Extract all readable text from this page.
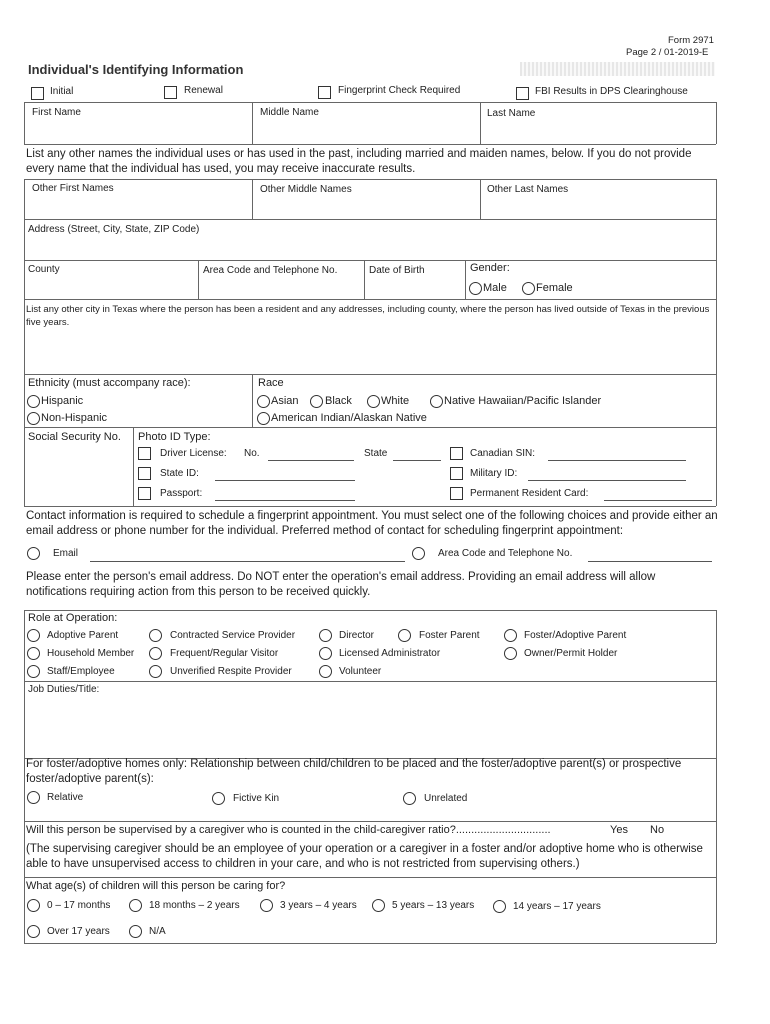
Form 2971
Page 2 / 01-2019-E
Individual's Identifying Information
Initial	Renewal	Fingerprint Check Required	FBI Results in DPS Clearinghouse
First Name	Middle Name	Last Name
List any other names the individual uses or has used in the past, including married and maiden names, below. If you do not provide every name that the individual has used, you may receive inaccurate results.
Other First Names	Other Middle Names	Other Last Names
Address (Street, City, State, ZIP Code)
County	Area Code and Telephone No.	Date of Birth	Gender:
Male	Female
List any other city in Texas where the person has been a resident and any addresses, including county, where the person has lived outside of Texas in the previous five years.
Ethnicity (must accompany race):
Hispanic
Non-Hispanic
Race
Asian Black	White	Native Hawaiian/Pacific Islander
American Indian/Alaskan Native
Social Security No. Photo ID Type:
Driver License: No.	State
State ID:
Passport:
Canadian SIN:
Military ID:
Permanent Resident Card:
Contact information is required to schedule a fingerprint appointment. You must select one of the following choices and provide either an email address or phone number for the individual. Preferred method of contact for scheduling fingerprint appointment:
Email	Area Code and Telephone No.
Please enter the person's email address. Do NOT enter the operation's email address. Providing an email address will allow notifications requiring action from this person to be received quickly.
Role at Operation:
Adoptive Parent	Contracted Service Provider	Director	Foster Parent	Foster/Adoptive Parent
Household Member	Frequent/Regular Visitor	Licensed Administrator	Owner/Permit Holder
Staff/Employee	Unverified Respite Provider	Volunteer
Job Duties/Title:
For foster/adoptive homes only: Relationship between child/children to be placed and the foster/adoptive parent(s) or prospective foster/adoptive parent(s):
Relative	Fictive Kin	Unrelated
Will this person be supervised by a caregiver who is counted in the child-caregiver ratio?...............................	Yes No
(The supervising caregiver should be an employee of your operation or a caregiver in a foster and/or adoptive home who is otherwise able to have unsupervised access to children in your care, and who is not restricted from supervising others.)
What age(s) of children will this person be caring for?
0 – 17 months	18 months – 2 years	3 years – 4 years	5 years – 13 years	14 years – 17 years
Over 17 years	N/A
